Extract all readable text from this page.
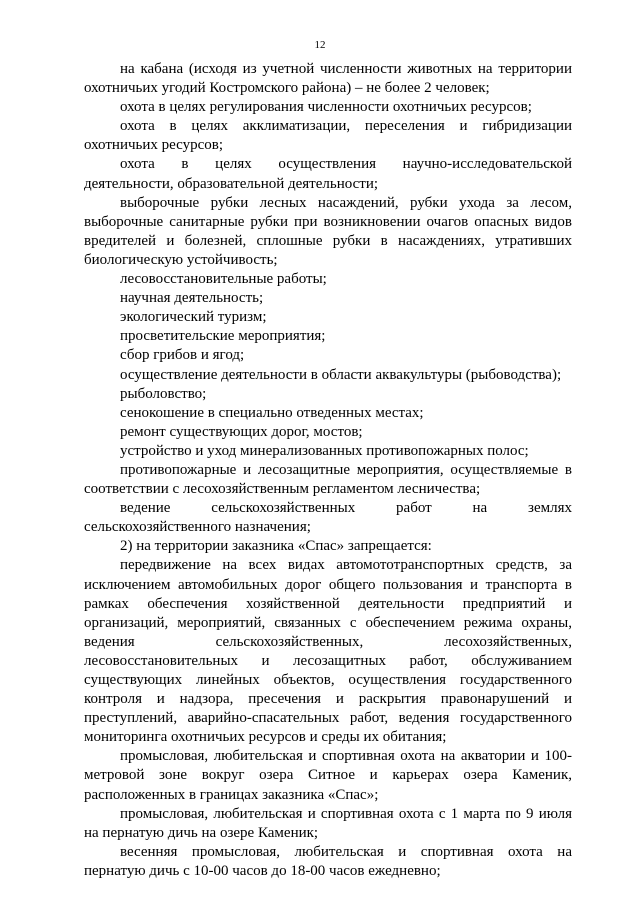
12

на кабана (исходя из учетной численности животных на территории охотничьих угодий Костромского района) – не более 2 человек;

охота в целях регулирования численности охотничьих ресурсов;

охота в целях акклиматизации, переселения и гибридизации охотничьих ресурсов;

охота в целях осуществления научно-исследовательской деятельности, образовательной деятельности;

выборочные рубки лесных насаждений, рубки ухода за лесом, выборочные санитарные рубки при возникновении очагов опасных видов вредителей и болезней, сплошные рубки в насаждениях, утративших биологическую устойчивость;

лесовосстановительные работы;

научная деятельность;

экологический туризм;

просветительские мероприятия;

сбор грибов и ягод;

осуществление деятельности в области аквакультуры (рыбоводства);

рыболовство;

сенокошение в специально отведенных местах;

ремонт существующих дорог, мостов;

устройство и уход минерализованных противопожарных полос;

противопожарные и лесозащитные мероприятия, осуществляемые в соответствии с лесохозяйственным регламентом лесничества;

ведение сельскохозяйственных работ на землях сельскохозяйственного назначения;

2) на территории заказника «Спас» запрещается:

передвижение на всех видах автомототранспортных средств, за исключением автомобильных дорог общего пользования и транспорта в рамках обеспечения хозяйственной деятельности предприятий и организаций, мероприятий, связанных с обеспечением режима охраны, ведения сельскохозяйственных, лесохозяйственных, лесовосстановительных и лесозащитных работ, обслуживанием существующих линейных объектов, осуществления государственного контроля и надзора, пресечения и раскрытия правонарушений и преступлений, аварийно-спасательных работ, ведения государственного мониторинга охотничьих ресурсов и среды их обитания;

промысловая, любительская и спортивная охота на акватории и 100-метровой зоне вокруг озера Ситное и карьерах озера Каменик, расположенных в границах заказника «Спас»;

промысловая, любительская и спортивная охота с 1 марта по 9 июля на пернатую дичь на озере Каменик;

весенняя промысловая, любительская и спортивная охота на пернатую дичь с 10-00 часов до 18-00 часов ежедневно;
